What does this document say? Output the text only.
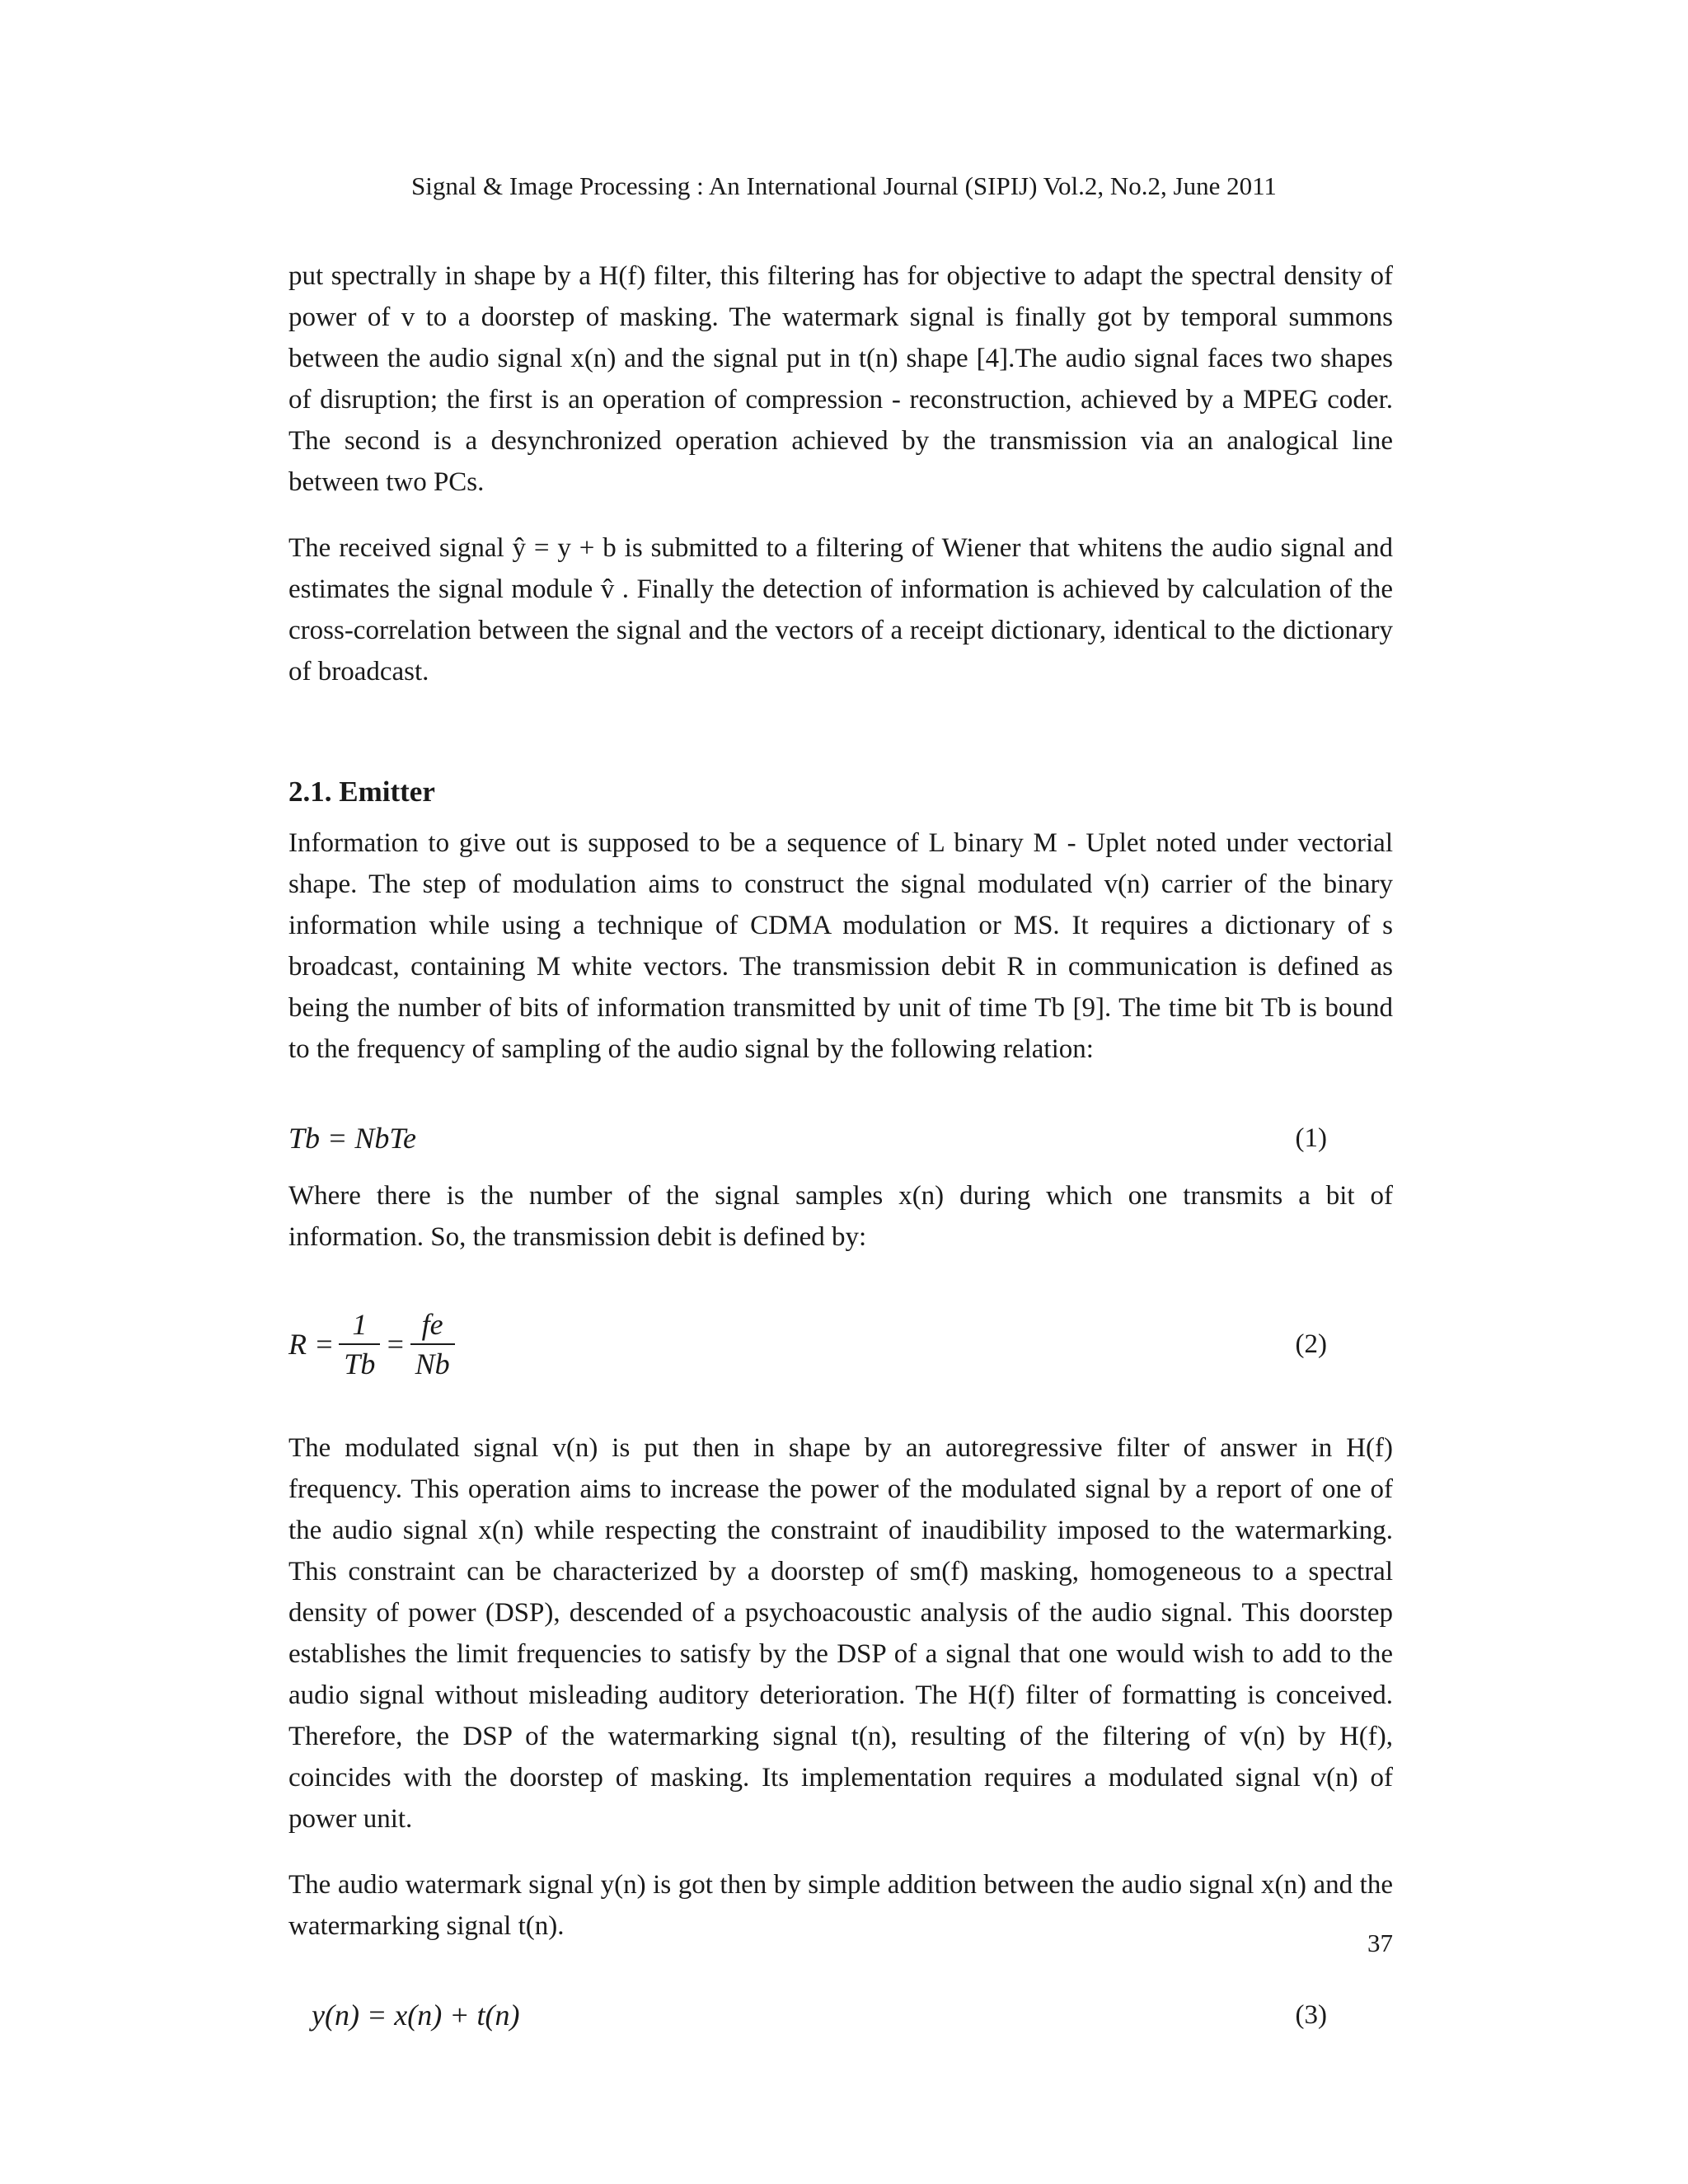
Signal & Image Processing : An International Journal (SIPIJ) Vol.2, No.2, June 2011

put spectrally in shape by a H(f) filter, this filtering has for objective to adapt the spectral density of power of v to a doorstep of masking. The watermark signal is finally got by temporal summons between the audio signal x(n) and the signal put in t(n) shape [4].The audio signal faces two shapes of disruption; the first is an operation of compression - reconstruction, achieved by a MPEG coder. The second is a desynchronized operation achieved by the transmission via an analogical line between two PCs.

The received signal ŷ = y + b is submitted to a filtering of Wiener that whitens the audio signal and estimates the signal module v̂ . Finally the detection of information is achieved by calculation of the cross-correlation between the signal and the vectors of a receipt dictionary, identical to the dictionary of broadcast.

2.1. Emitter

Information to give out is supposed to be a sequence of L binary M - Uplet noted under vectorial shape. The step of modulation aims to construct the signal modulated v(n) carrier of the binary information while using a technique of CDMA modulation or MS. It requires a dictionary of s broadcast, containing M white vectors. The transmission debit R in communication is defined as being the number of bits of information transmitted by unit of time Tb [9]. The time bit Tb is bound to the frequency of sampling of the audio signal by the following relation:

Tb = NbTe	(1)

Where there is the number of the signal samples x(n) during which one transmits a bit of information. So, the transmission debit is defined by:

$R = \frac{1}{Tb} = \frac{fe}{Nb}$	(2)

The modulated signal v(n) is put then in shape by an autoregressive filter of answer in H(f) frequency. This operation aims to increase the power of the modulated signal by a report of one of the audio signal x(n) while respecting the constraint of inaudibility imposed to the watermarking. This constraint can be characterized by a doorstep of sm(f) masking, homogeneous to a spectral density of power (DSP), descended of a psychoacoustic analysis of the audio signal. This doorstep establishes the limit frequencies to satisfy by the DSP of a signal that one would wish to add to the audio signal without misleading auditory deterioration. The H(f) filter of formatting is conceived. Therefore, the DSP of the watermarking signal t(n), resulting of the filtering of v(n) by H(f), coincides with the doorstep of masking. Its implementation requires a modulated signal v(n) of power unit.

The audio watermark signal y(n) is got then by simple addition between the audio signal x(n) and the watermarking signal t(n).

y(n) = x(n) + t(n)	(3)
37
